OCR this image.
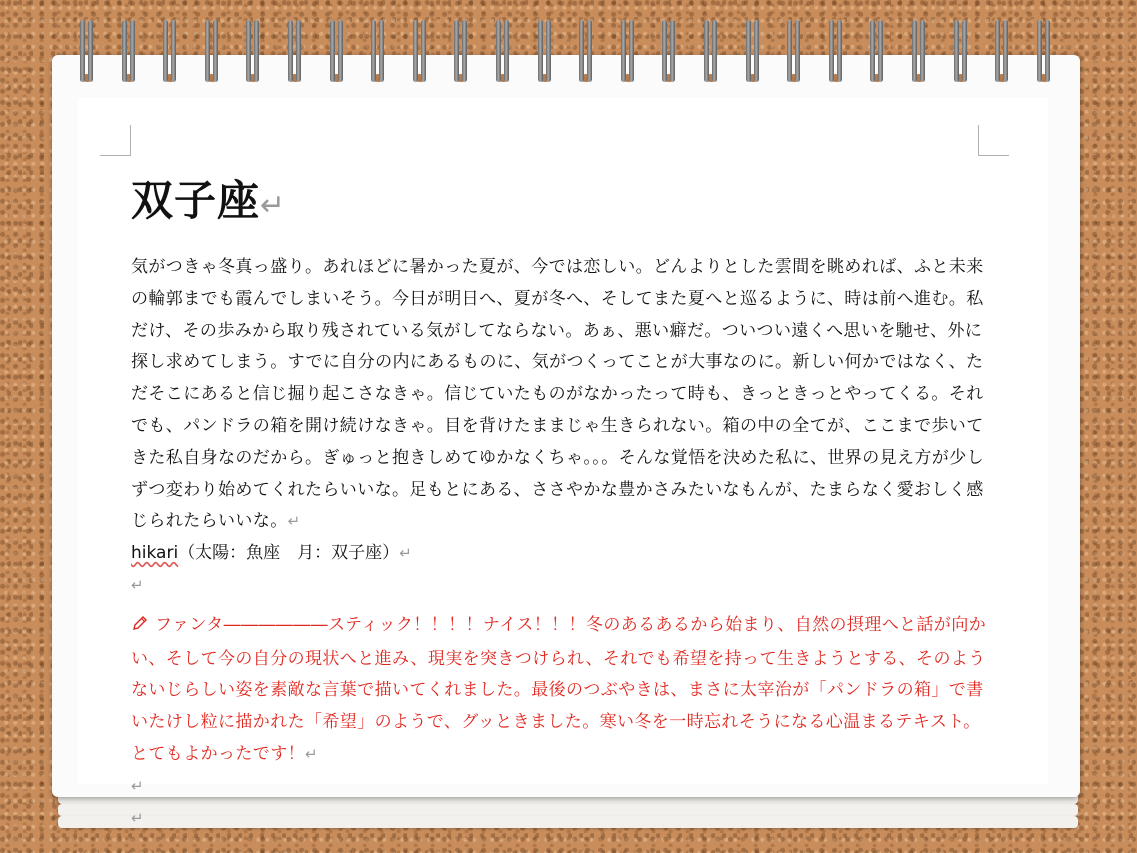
双子座↵

気がつきゃ冬真っ盛り。あれほどに暑かった夏が、今では恋しい。どんよりとした雲間を眺めれば、ふと未来の輪郭までも霞んでしまいそう。今日が明日へ、夏が冬へ、そしてまた夏へと巡るように、時は前へ進む。私だけ、その歩みから取り残されている気がしてならない。あぁ、悪い癖だ。ついつい遠くへ思いを馳せ、外に探し求めてしまう。すでに自分の内にあるものに、気がつくってことが大事なのに。新しい何かではなく、ただそこにあると信じ掘り起こさなきゃ。信じていたものがなかったって時も、きっときっとやってくる。それでも、パンドラの箱を開け続けなきゃ。目を背けたままじゃ生きられない。箱の中の全てが、ここまで歩いてきた私自身なのだから。ぎゅっと抱きしめてゆかなくちゃ。。。そんな覚悟を決めた私に、世界の見え方が少しずつ変わり始めてくれたらいいな。足もとにある、ささやかな豊かさみたいなもんが、たまらなく愛おしく感じられたらいいな。↵

hikari（太陽：魚座　月：双子座）↵

↵

ファンタ――――――スティック！！！！ナイス！！！冬のあるあるから始まり、自然の摂理へと話が向かい、そして今の自分の現状へと進み、現実を突きつけられ、それでも希望を持って生きようとする、そのようないじらしい姿を素敵な言葉で描いてくれました。最後のつぶやきは、まさに太宰治が「パンドラの箱」で書いたけし粒に描かれた「希望」のようで、グッときました。寒い冬を一時忘れそうになる心温まるテキスト。とてもよかったです！↵

↵

↵
